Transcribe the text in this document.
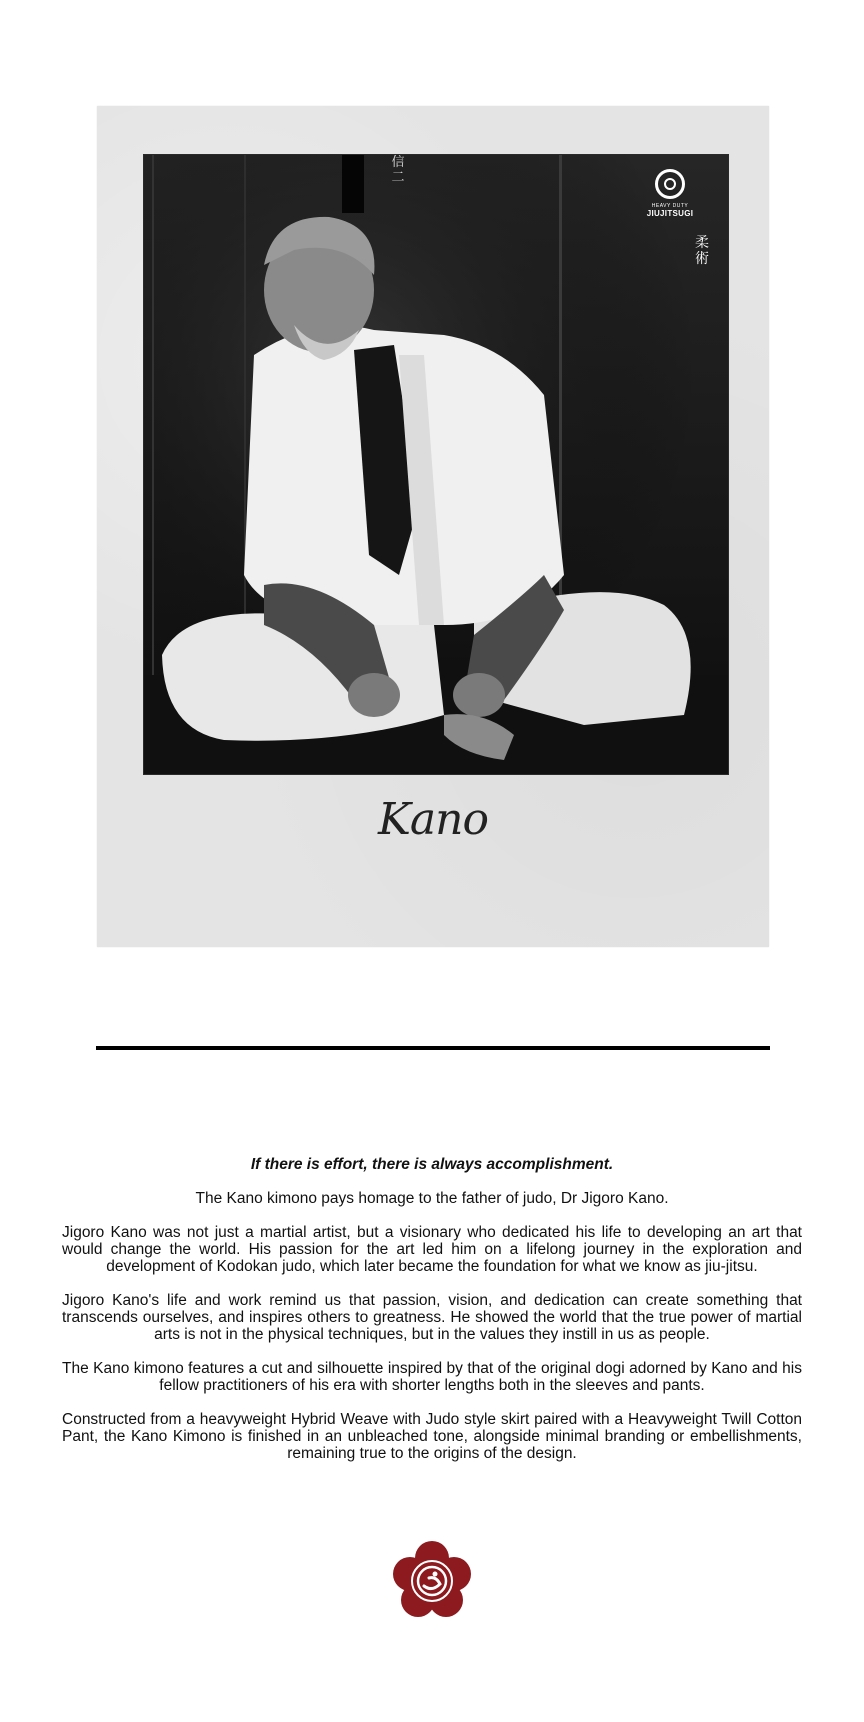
信二
HEAVY DUTY
JIUJITSUGI
柔術
Kano

If there is effort, there is always accomplishment.

The Kano kimono pays homage to the father of judo, Dr Jigoro Kano.

Jigoro Kano was not just a martial artist, but a visionary who dedicated his life to developing an art that would change the world. His passion for the art led him on a lifelong journey in the exploration and development of Kodokan judo, which later became the foundation for what we know as jiu-jitsu.

Jigoro Kano's life and work remind us that passion, vision, and dedication can create something that transcends ourselves, and inspires others to greatness. He showed the world that the true power of martial arts is not in the physical techniques, but in the values they instill in us as people.

The Kano kimono features a cut and silhouette inspired by that of the original dogi adorned by Kano and his fellow practitioners of his era with shorter lengths both in the sleeves and pants.

Constructed from a heavyweight Hybrid Weave with Judo style skirt paired with a Heavyweight Twill Cotton Pant, the Kano Kimono is finished in an unbleached tone, alongside minimal branding or embellishments, remaining true to the origins of the design.
